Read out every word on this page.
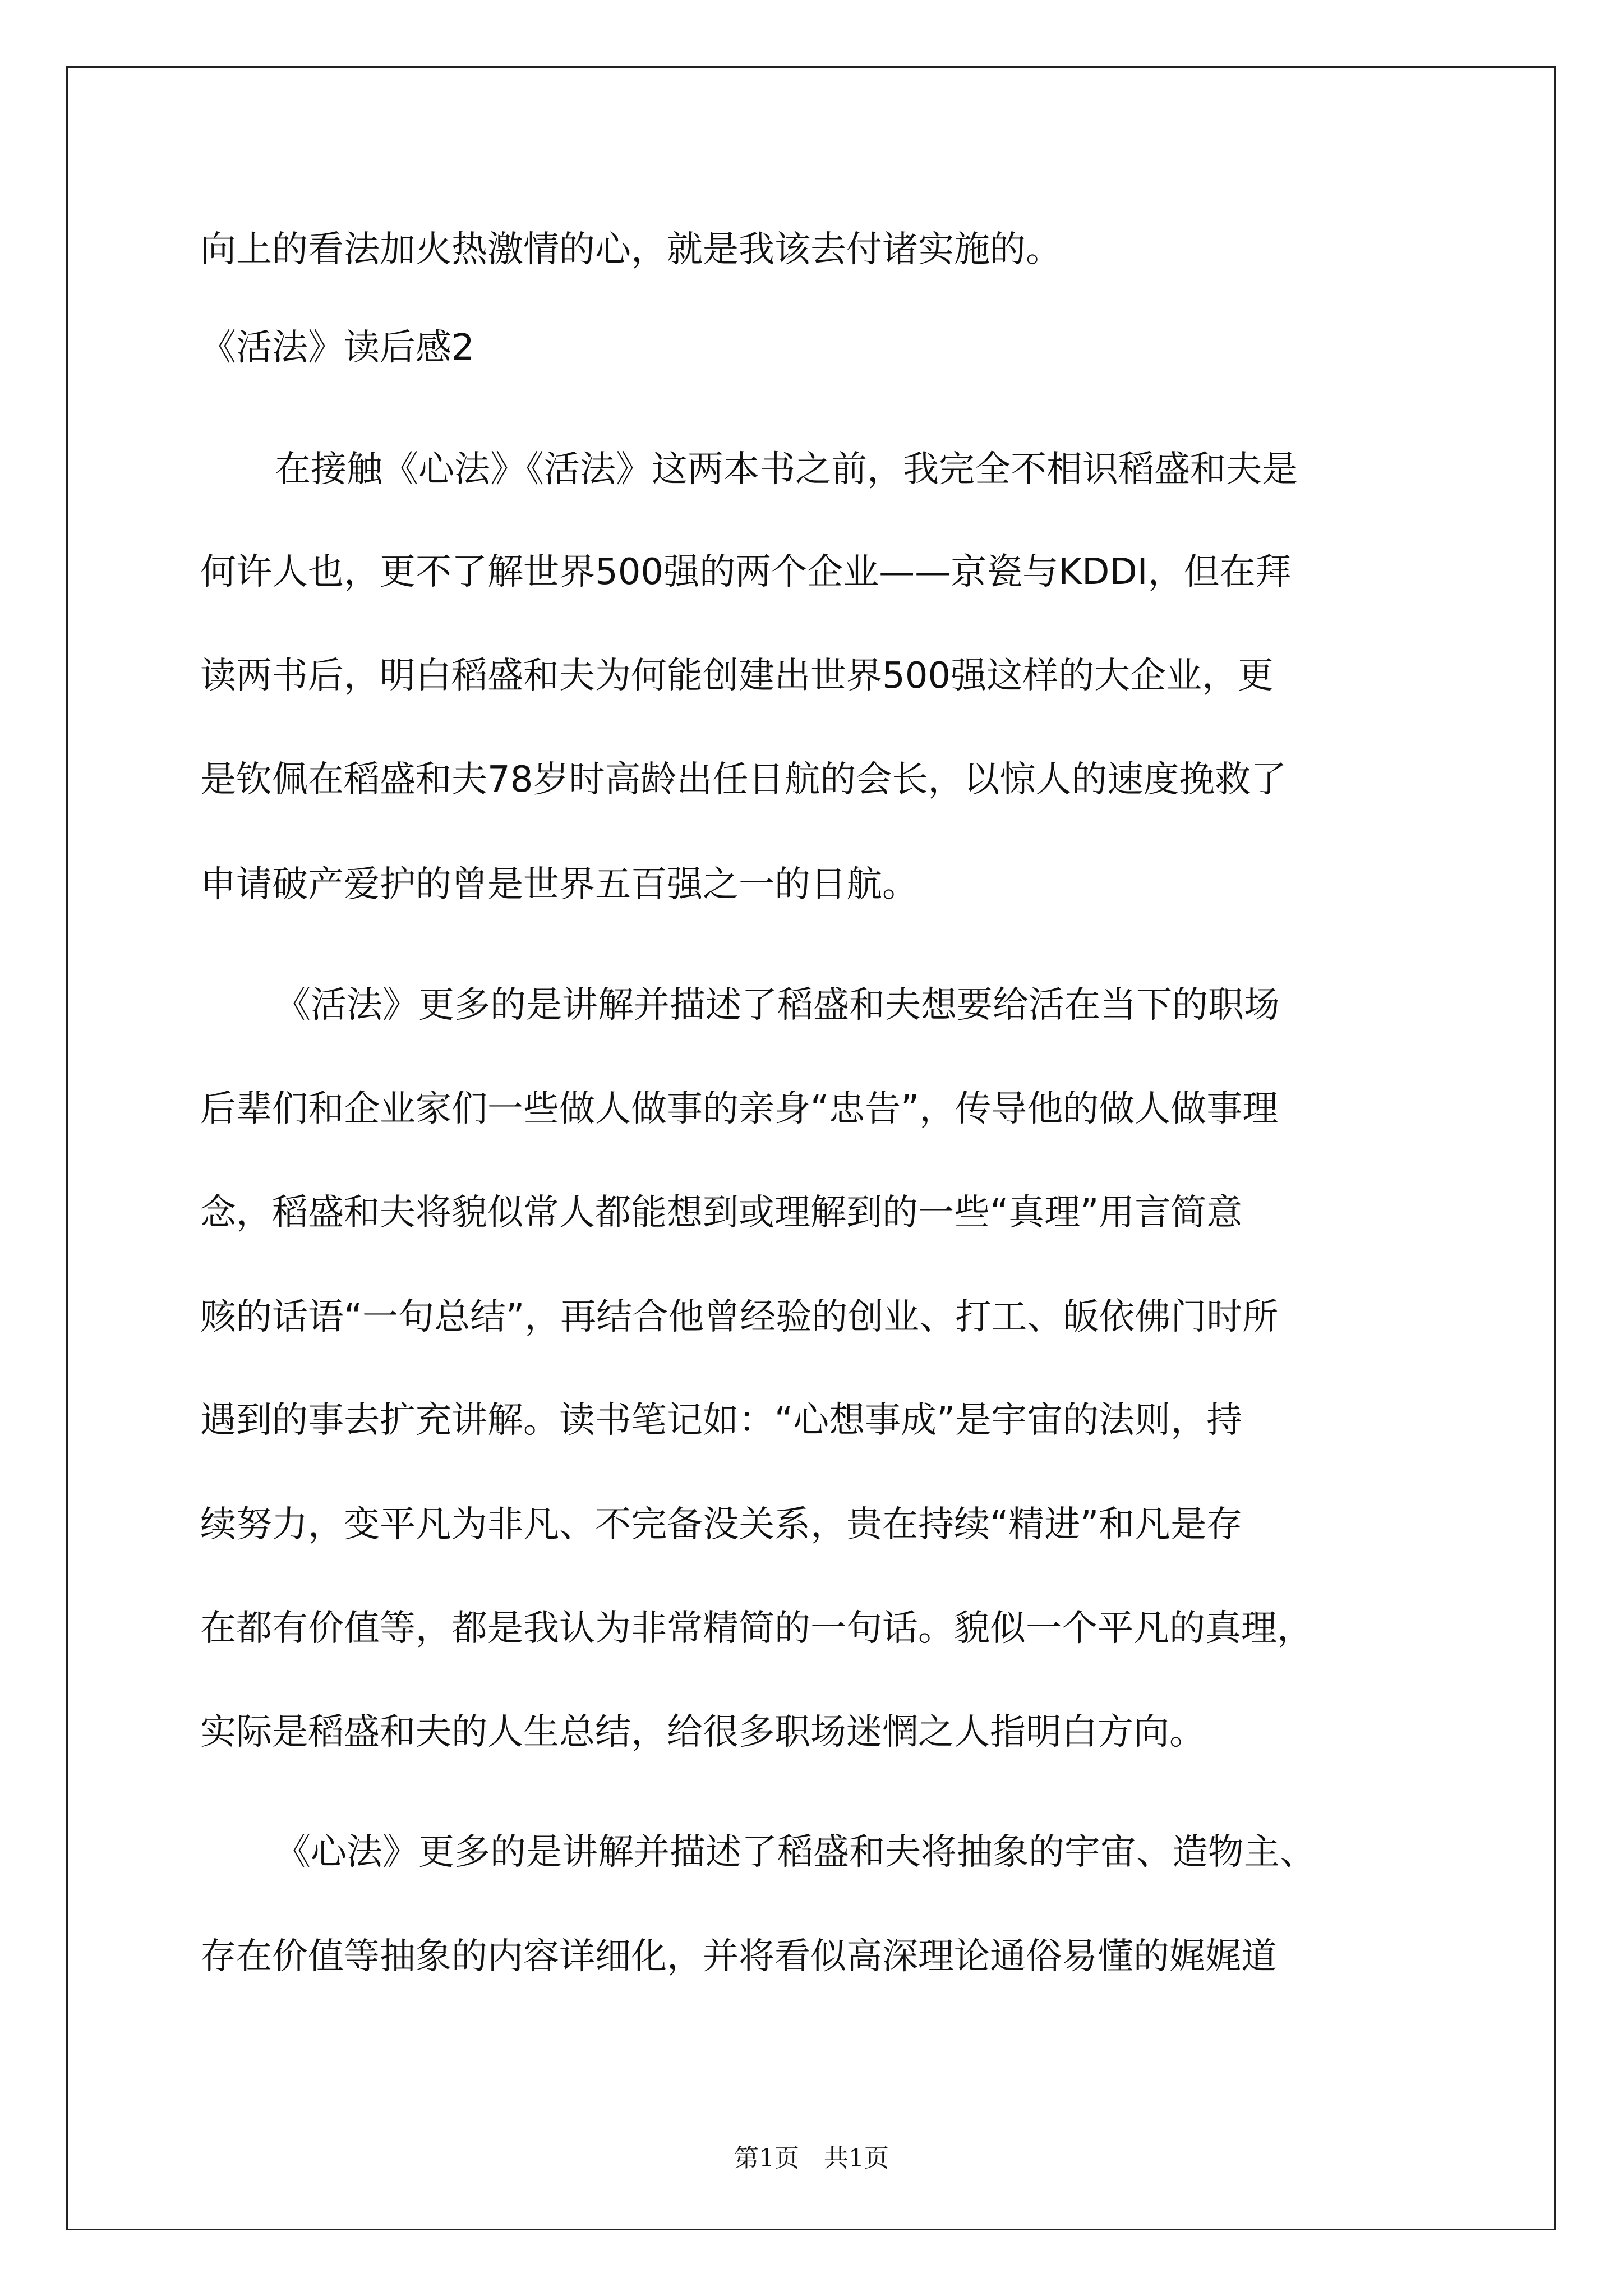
向上的看法加火热激情的心，就是我该去付诸实施的。
《活法》读后感2
在接触《心法》《活法》这两本书之前，我完全不相识稻盛和夫是
何许人也，更不了解世界500强的两个企业——京瓷与KDDI，但在拜
读两书后，明白稻盛和夫为何能创建出世界500强这样的大企业，更
是钦佩在稻盛和夫78岁时高龄出任日航的会长，以惊人的速度挽救了
申请破产爱护的曾是世界五百强之一的日航。
《活法》更多的是讲解并描述了稻盛和夫想要给活在当下的职场
后辈们和企业家们一些做人做事的亲身“忠告”，传导他的做人做事理
念，稻盛和夫将貌似常人都能想到或理解到的一些“真理”用言简意
赅的话语“一句总结”，再结合他曾经验的创业、打工、皈依佛门时所
遇到的事去扩充讲解。读书笔记如：“心想事成”是宇宙的法则，持
续努力，变平凡为非凡、不完备没关系，贵在持续“精进”和凡是存
在都有价值等，都是我认为非常精简的一句话。貌似一个平凡的真理，
实际是稻盛和夫的人生总结，给很多职场迷惘之人指明白方向。
《心法》更多的是讲解并描述了稻盛和夫将抽象的宇宙、造物主、
存在价值等抽象的内容详细化，并将看似高深理论通俗易懂的娓娓道
第1页　共1页
